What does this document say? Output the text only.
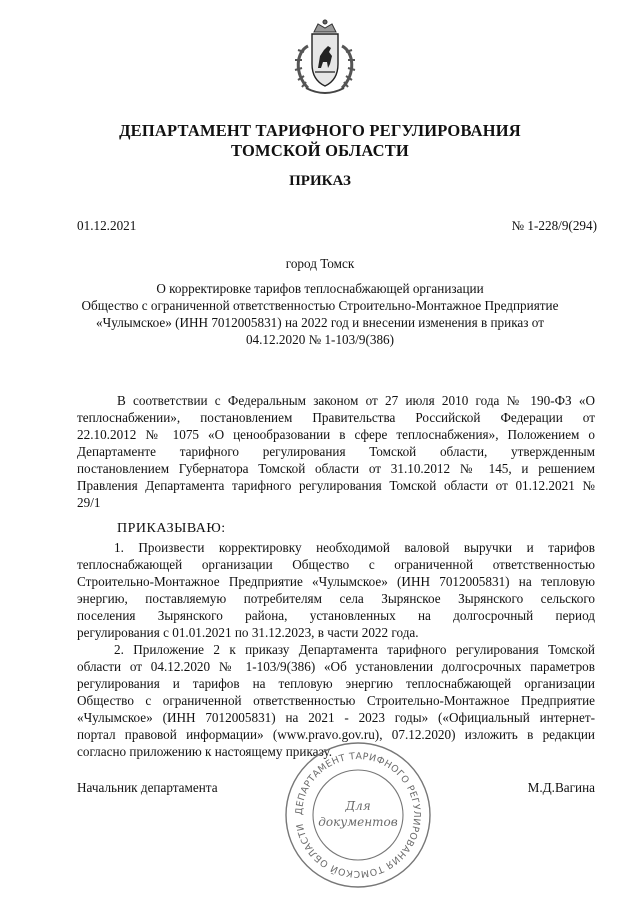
ДЕПАРТАМЕНТ ТАРИФНОГО РЕГУЛИРОВАНИЯ
ТОМСКОЙ ОБЛАСТИ
ПРИКАЗ
01.12.2021	№ 1-228/9(294)
город Томск
О корректировке тарифов теплоснабжающей организации
Общество с ограниченной ответственностью Строительно-Монтажное Предприятие
«Чулымское» (ИНН 7012005831) на 2022 год и внесении изменения в приказ от
04.12.2020 № 1-103/9(386)
В соответствии с Федеральным законом от 27 июля 2010 года № 190-ФЗ «О
теплоснабжении», постановлением Правительства Российской Федерации от
22.10.2012 № 1075 «О ценообразовании в сфере теплоснабжения», Положением о
Департаменте тарифного регулирования Томской области, утвержденным
постановлением Губернатора Томской области от 31.10.2012 № 145, и решением
Правления Департамента тарифного регулирования Томской области от 01.12.2021 №
29/1
ПРИКАЗЫВАЮ:
1. Произвести корректировку необходимой валовой выручки и тарифов
теплоснабжающей организации Общество с ограниченной ответственностью
Строительно-Монтажное Предприятие «Чулымское» (ИНН 7012005831) на тепловую
энергию, поставляемую потребителям села Зырянское Зырянского сельского
поселения Зырянского района, установленных на долгосрочный период
регулирования с 01.01.2021 по 31.12.2023, в части 2022 года.
2. Приложение 2 к приказу Департамента тарифного регулирования Томской
области от 04.12.2020 № 1-103/9(386) «Об установлении долгосрочных параметров
регулирования и тарифов на тепловую энергию теплоснабжающей организации
Общество с ограниченной ответственностью Строительно-Монтажное Предприятие
«Чулымское» (ИНН 7012005831) на 2021 - 2023 годы» («Официальный интернет-
портал правовой информации» (www.pravo.gov.ru), 07.12.2020) изложить в редакции
согласно приложению к настоящему приказу.
Начальник департамента	М.Д.Вагина
ДЕПАРТАМЕНТ ТАРИФНОГО РЕГУЛИРОВАНИЯ ТОМСКОЙ ОБЛАСТИ
Для
документов
